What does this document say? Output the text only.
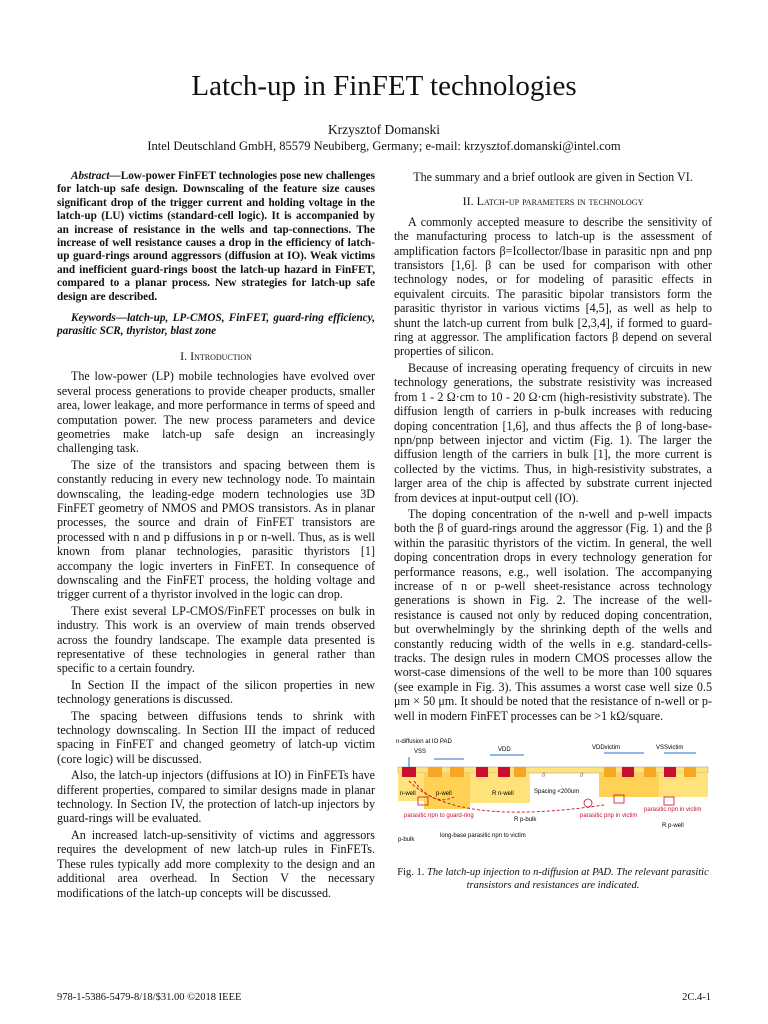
Latch-up in FinFET technologies
Krzysztof Domanski
Intel Deutschland GmbH, 85579 Neubiberg, Germany; e-mail: krzysztof.domanski@intel.com

Abstract—Low-power FinFET technologies pose new challenges for latch-up safe design. Downscaling of the feature size causes significant drop of the trigger current and holding voltage in the latch-up (LU) victims (standard-cell logic). It is accompanied by an increase of resistance in the wells and tap-connections. The increase of well resistance causes a drop in the efficiency of latch-up guard-rings around aggressors (diffusion at IO). Weak victims and inefficient guard-rings boost the latch-up hazard in FinFET, compared to a planar process. New strategies for latch-up safe design are described.

Keywords—latch-up, LP-CMOS, FinFET, guard-ring efficiency, parasitic SCR, thyristor, blast zone

I. Introduction

The low-power (LP) mobile technologies have evolved over several process generations to provide cheaper products, smaller area, lower leakage, and more performance in terms of speed and computation power. The new process parameters and device geometries make latch-up safe design an increasingly challenging task.

The size of the transistors and spacing between them is constantly reducing in every new technology node. To maintain downscaling, the leading-edge modern technologies use 3D FinFET geometry of NMOS and PMOS transistors. As in planar processes, the source and drain of FinFET transistors are processed with n and p diffusions in p or n-well. Thus, as is well known from planar technologies, parasitic thyristors [1] accompany the logic inverters in FinFET. In consequence of downscaling and the FinFET process, the holding voltage and trigger current of a thyristor involved in the logic can drop.

There exist several LP-CMOS/FinFET processes on bulk in industry. This work is an overview of main trends observed across the foundry landscape. The example data presented is representative of these technologies in general rather than specific to a certain foundry.

In Section II the impact of the silicon properties in new technology generations is discussed.

The spacing between diffusions tends to shrink with technology downscaling. In Section III the impact of reduced spacing in FinFET and changed geometry of latch-up victim (core logic) will be discussed.

Also, the latch-up injectors (diffusions at IO) in FinFETs have different properties, compared to similar designs made in planar technology. In Section IV, the protection of latch-up injectors by guard-rings will be evaluated.

An increased latch-up-sensitivity of victims and aggressors requires the development of new latch-up rules in FinFETs. These rules typically add more complexity to the design and an additional area overhead. In Section V the necessary modifications of the latch-up concepts will be discussed.

The summary and a brief outlook are given in Section VI.

II. Latch-up parameters in technology

A commonly accepted measure to describe the sensitivity of the manufacturing process to latch-up is the assessment of amplification factors β=Icollector/Ibase in parasitic npn and pnp transistors [1,6]. β can be used for comparison with other technology nodes, or for modeling of parasitic effects in equivalent circuits. The parasitic bipolar transistors form the parasitic thyristor in various victims [4,5], as well as help to shunt the latch-up current from bulk [2,3,4], if formed to guard-ring at aggressor. The amplification factors β depend on several properties of silicon.

Because of increasing operating frequency of circuits in new technology generations, the substrate resistivity was increased from 1 - 2 Ω·cm to 10 - 20 Ω·cm (high-resistivity substrate). The diffusion length of carriers in p-bulk increases with reducing doping concentration [1,6], and thus affects the β of long-base-npn/pnp between injector and victim (Fig. 1). The larger the diffusion length of the carriers in bulk [1], the more current is collected by the victims. Thus, in high-resistivity substrates, a larger area of the chip is affected by substrate current injected from devices at input-output cell (IO).

The doping concentration of the n-well and p-well impacts both the β of guard-rings around the aggressor (Fig. 1) and the β within the parasitic thyristors of the victim. In general, the well doping concentration drops in every technology generation for performance reasons, e.g., well isolation. The accompanying increase of n or p-well sheet-resistance across technology generations is shown in Fig. 2. The increase of the well-resistance is caused not only by reduced doping concentration, but overwhelmingly by the shrinking depth of the wells and constantly reducing width of the wells in e.g. standard-cells-tracks. The design rules in modern CMOS processes allow the worst-case dimensions of the well to be more than 100 squares (see example in Fig. 3). This assumes a worst case well size 0.5 μm × 50 μm. It should be noted that the resistance of n-well or p-well in modern FinFET processes can be >1 kΩ/square.

//	//
n-diffusion at IO PAD
VSS	VDD	VDDvictim	VSSvictim
n-well	p-well	R n-well	Spacing <200um
parasitic npn to guard-ring
R p-bulk
parasitic pnp in victim
parasitic npn in victim
R p-well
p-bulk
long-base parasitic npn to victim
Fig. 1. The latch-up injection to n-diffusion at PAD. The relevant parasitic transistors and resistances are indicated.
978-1-5386-5479-8/18/$31.00 ©2018 IEEE	2C.4-1
